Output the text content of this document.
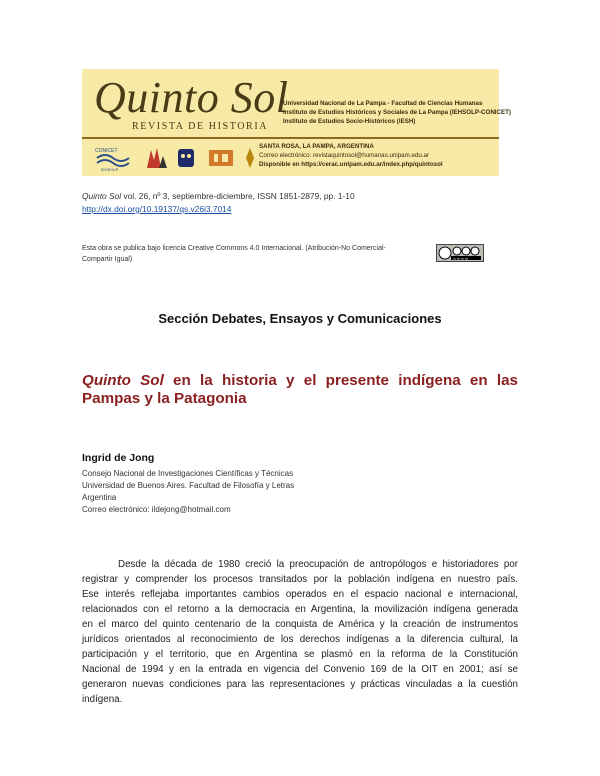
Quinto Sol
REVISTA DE HISTORIA
Universidad Nacional de La Pampa - Facultad de Ciencias Humanas
Instituto de Estudios Históricos y Sociales de La Pampa (IEHSOLP-CONICET)
Instituto de Estudios Socio-Históricos (IESH)
SANTA ROSA, LA PAMPA, ARGENTINA
Correo electrónico: revistaquintosol@humanas.unipam.edu.ar
Disponible en https://cerac.unlpam.edu.ar/index.php/quintosol
CONICET
IEHSOLP
Quinto Sol vol. 26, nº 3, septiembre-diciembre, ISSN 1851-2879, pp. 1-10
http://dx.doi.org/10.19137/qs.v26i3.7014
Esta obra se publica bajo licencia Creative Commons 4.0 Internacional. (Atribución-No Comercial-
Compartir Igual)	cc by nc sa
Sección Debates, Ensayos y Comunicaciones
Quinto Sol en la historia y el presente indígena en las
Pampas y la Patagonia
Ingrid de Jong
Consejo Nacional de Investigaciones Científicas y Técnicas
Universidad de Buenos Aires. Facultad de Filosofía y Letras
Argentina
Correo electrónico: ildejong@hotmail.com
Desde la década de 1980 creció la preocupación de antropólogos e historiadores por
registrar y comprender los procesos transitados por la población indígena en nuestro país.
Ese interés reflejaba importantes cambios operados en el espacio nacional e internacional,
relacionados con el retorno a la democracia en Argentina, la movilización indígena generada
en el marco del quinto centenario de la conquista de América y la creación de instrumentos
jurídicos orientados al reconocimiento de los derechos indígenas a la diferencia cultural, la
participación y el territorio, que en Argentina se plasmó en la reforma de la Constitución
Nacional de 1994 y en la entrada en vigencia del Convenio 169 de la OIT en 2001; así se
generaron nuevas condiciones para las representaciones y prácticas vinculadas a la cuestión
indígena.
